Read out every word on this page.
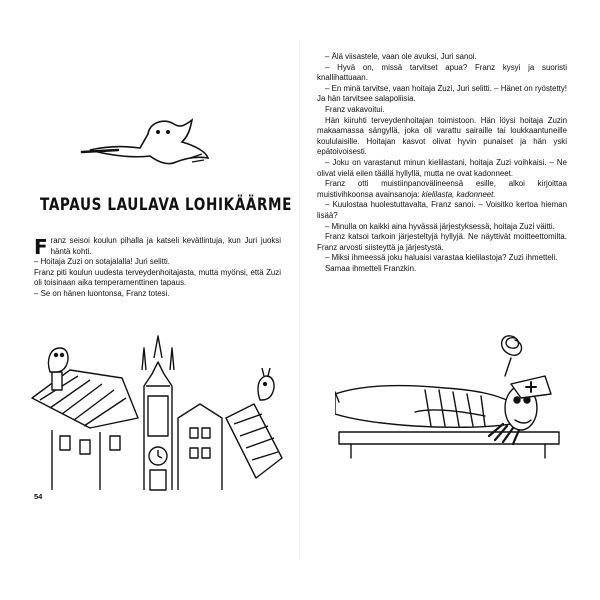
TAPAUS LAULAVA LOHIKÄÄRME
F ranz seisoi koulun pihalla ja katseli kevätlintuja, kun Juri juoksi häntä kohti.

– Hoitaja Zuzi on sotajalalla! Juri selitti.

Franz piti koulun uudesta terveydenhoitajasta, mutta myönsi, että Zuzi oli toisinaan aika temperamenttinen tapaus.

– Se on hänen luontonsa, Franz totesi.

54

– Älä viisastele, vaan ole avuksi, Juri sanoi.

– Hyvä on, missä tarvitset apua? Franz kysyi ja suoristi knallihattuaan.

– En minä tarvitse, vaan hoitaja Zuzi, Juri selitti. – Hänet on ryöstetty! Ja hän tarvitsee salapoliisia.

Franz vakavoitui.

Hän kiiruhti terveydenhoitajan toimistoon. Hän löysi hoitaja Zuzin makaamassa sängyllä, joka oli varattu sairaille tai loukkaantuneille koululaisille. Hoitajan kasvot olivat hyvin punaiset ja hän yski epätoivoisesti.

– Joku on varastanut minun kielilastani, hoitaja Zuzi voihkaisi. – Ne olivat vielä eilen täällä hyllyllä, mutta ne ovat kadonneet.

Franz otti muistiinpanovälineensä esille, alkoi kirjoittaa muistivihkoonsa avainsanoja: kielilasta, kadonneet.

– Kuulostaa huolestuttavalta, Franz sanoi. – Voisitko kertoa hieman lisää?

– Minulla on kaikki aina hyvässä järjestyksessä, hoitaja Zuzi väitti.

Franz katsoi tarkoin järjesteltyjä hyllyjä. Ne näyttivät moitteettomilta. Franz arvosti siisteyttä ja järjestystä.

– Miksi ihmeessä joku haluaisi varastaa kielilastoja? Zuzi ihmetteli.

Samaa ihmetteli Franzkin.
